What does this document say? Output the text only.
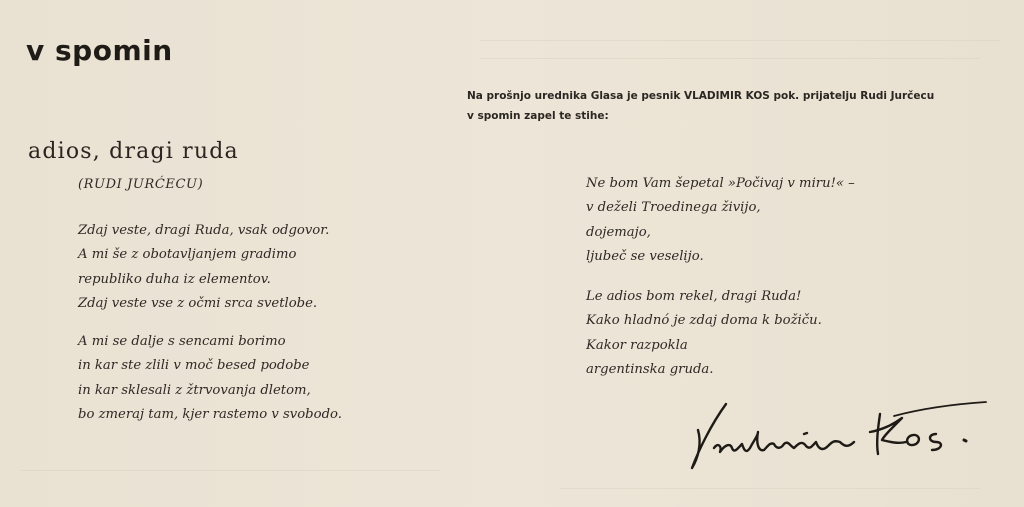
v spomin

Na prošnjo urednika Glasa je pesnik VLADIMIR KOS pok. prijatelju Rudi Jurčecu
v spomin zapel te stihe:

adios, dragi ruda

(RUDI JURĆECU)

Zdaj veste, dragi Ruda, vsak odgovor.
A mi še z obotavljanjem gradimo
republiko duha iz elementov.
Zdaj veste vse z očmi srca svetlobe.

A mi se dalje s sencami borimo
in kar ste zlili v moč besed podobe
in kar sklesali z žtrvovanja dletom,
bo zmeraj tam, kjer rastemo v svobodo.

Ne bom Vam šepetal »Počivaj v miru!« –
v deželi Troedinega živijo,
dojemajo,
ljubeč se veselijo.

Le adios bom rekel, dragi Ruda!
Kako hladnó je zdaj doma k božiču.
Kakor razpokla
argentinska gruda.
